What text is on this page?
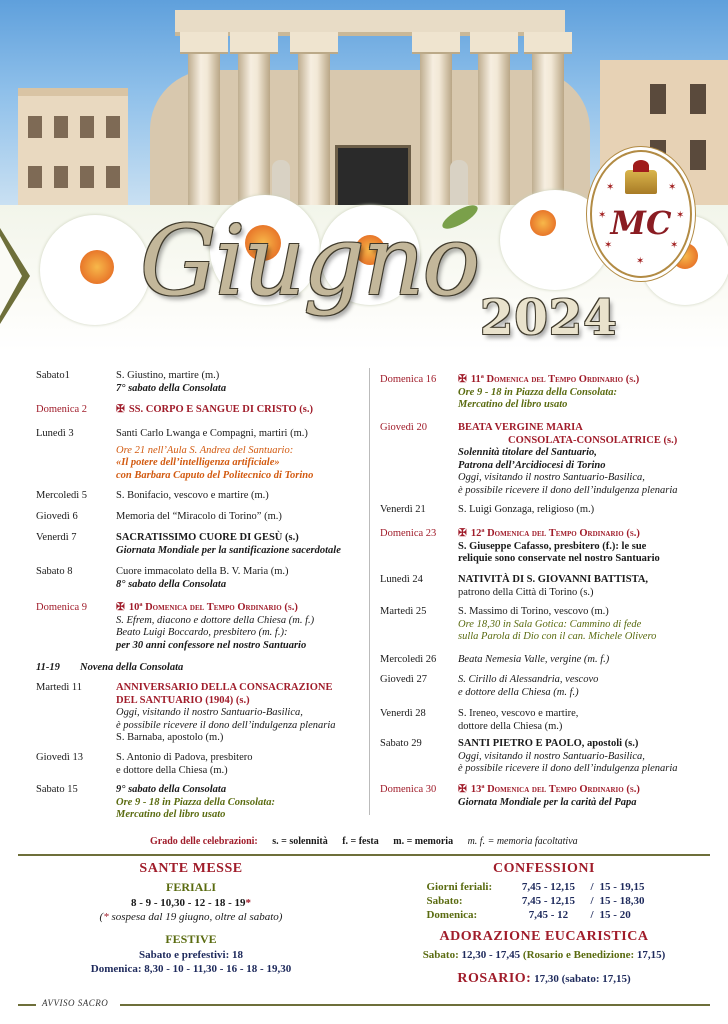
Giugno
2024
MC
✶	✶
✶	✶
✶	✶
✶
Sabato1	S. Giustino, martire (m.)
7° sabato della Consolata
Domenica 2	✠ SS. CORPO E SANGUE DI CRISTO (s.)
Lunedì 3	Santi Carlo Lwanga e Compagni, martiri (m.)
Ore 21 nell’Aula S. Andrea del Santuario:
«Il potere dell’intelligenza artificiale»
con Barbara Caputo del Politecnico di Torino
Mercoledì 5	S. Bonifacio, vescovo e martire (m.)
Giovedì 6	Memoria del “Miracolo di Torino” (m.)
Venerdì 7	SACRATISSIMO CUORE DI GESÙ (s.)
Giornata Mondiale per la santificazione sacerdotale
Sabato 8	Cuore immacolato della B. V. Maria (m.)
8° sabato della Consolata
Domenica 9	✠ 10ª Domenica del Tempo Ordinario (s.)
S. Efrem, diacono e dottore della Chiesa (m. f.)
Beato Luigi Boccardo, presbitero (m. f.):
per 30 anni confessore nel nostro Santuario
11-19 Novena della Consolata
Martedì 11	ANNIVERSARIO DELLA CONSACRAZIONE
DEL SANTUARIO (1904) (s.)
Oggi, visitando il nostro Santuario-Basilica,
è possibile ricevere il dono dell’indulgenza plenaria
S. Barnaba, apostolo (m.)
Giovedì 13	S. Antonio di Padova, presbitero
e dottore della Chiesa (m.)
Sabato 15	9° sabato della Consolata
Ore 9 - 18 in Piazza della Consolata:
Mercatino del libro usato
Domenica 16 ✠ 11ª Domenica del Tempo Ordinario (s.)
Ore 9 - 18 in Piazza della Consolata:
Mercatino del libro usato
Giovedì 20	BEATA VERGINE MARIA
CONSOLATA-CONSOLATRICE (s.)
Solennità titolare del Santuario,
Patrona dell’Arcidiocesi di Torino
Oggi, visitando il nostro Santuario-Basilica,
è possibile ricevere il dono dell’indulgenza plenaria
Venerdì 21	S. Luigi Gonzaga, religioso (m.)
Domenica 23 ✠ 12ª Domenica del Tempo Ordinario (s.)
S. Giuseppe Cafasso, presbitero (f.): le sue
reliquie sono conservate nel nostro Santuario
Lunedì 24	NATIVITÀ DI S. GIOVANNI BATTISTA,
patrono della Città di Torino (s.)
Martedì 25	S. Massimo di Torino, vescovo (m.)
Ore 18,30 in Sala Gotica: Cammino di fede
sulla Parola di Dio con il can. Michele Olivero
Mercoledì 26 Beata Nemesia Valle, vergine (m. f.)
Giovedì 27	S. Cirillo di Alessandria, vescovo
e dottore della Chiesa (m. f.)
Venerdì 28	S. Ireneo, vescovo e martire,
dottore della Chiesa (m.)
Sabato 29	SANTI PIETRO E PAOLO, apostoli (s.)
Oggi, visitando il nostro Santuario-Basilica,
è possibile ricevere il dono dell’indulgenza plenaria
Domenica 30 ✠ 13ª Domenica del Tempo Ordinario (s.)
Giornata Mondiale per la carità del Papa
Grado delle celebrazioni: s. = solennità f. = festa m. = memoria m. f. = memoria facoltativa
SANTE MESSE
FERIALI
8 - 9 - 10,30 - 12 - 18 - 19*
(* sospesa dal 19 giugno, oltre al sabato)
FESTIVE
Sabato e prefestivi: 18
Domenica: 8,30 - 10 - 11,30 - 16 - 18 - 19,30
CONFESSIONI
Giorni feriali:	7,45 - 12,15	/ 15 - 19,15
Sabato:	7,45 - 12,15	/ 15 - 18,30
Domenica:	7,45 - 12	/ 15 - 20
ADORAZIONE EUCARISTICA
Sabato: 12,30 - 17,45 (Rosario e Benedizione: 17,15)
ROSARIO: 17,30 (sabato: 17,15)
AVVISO SACRO
